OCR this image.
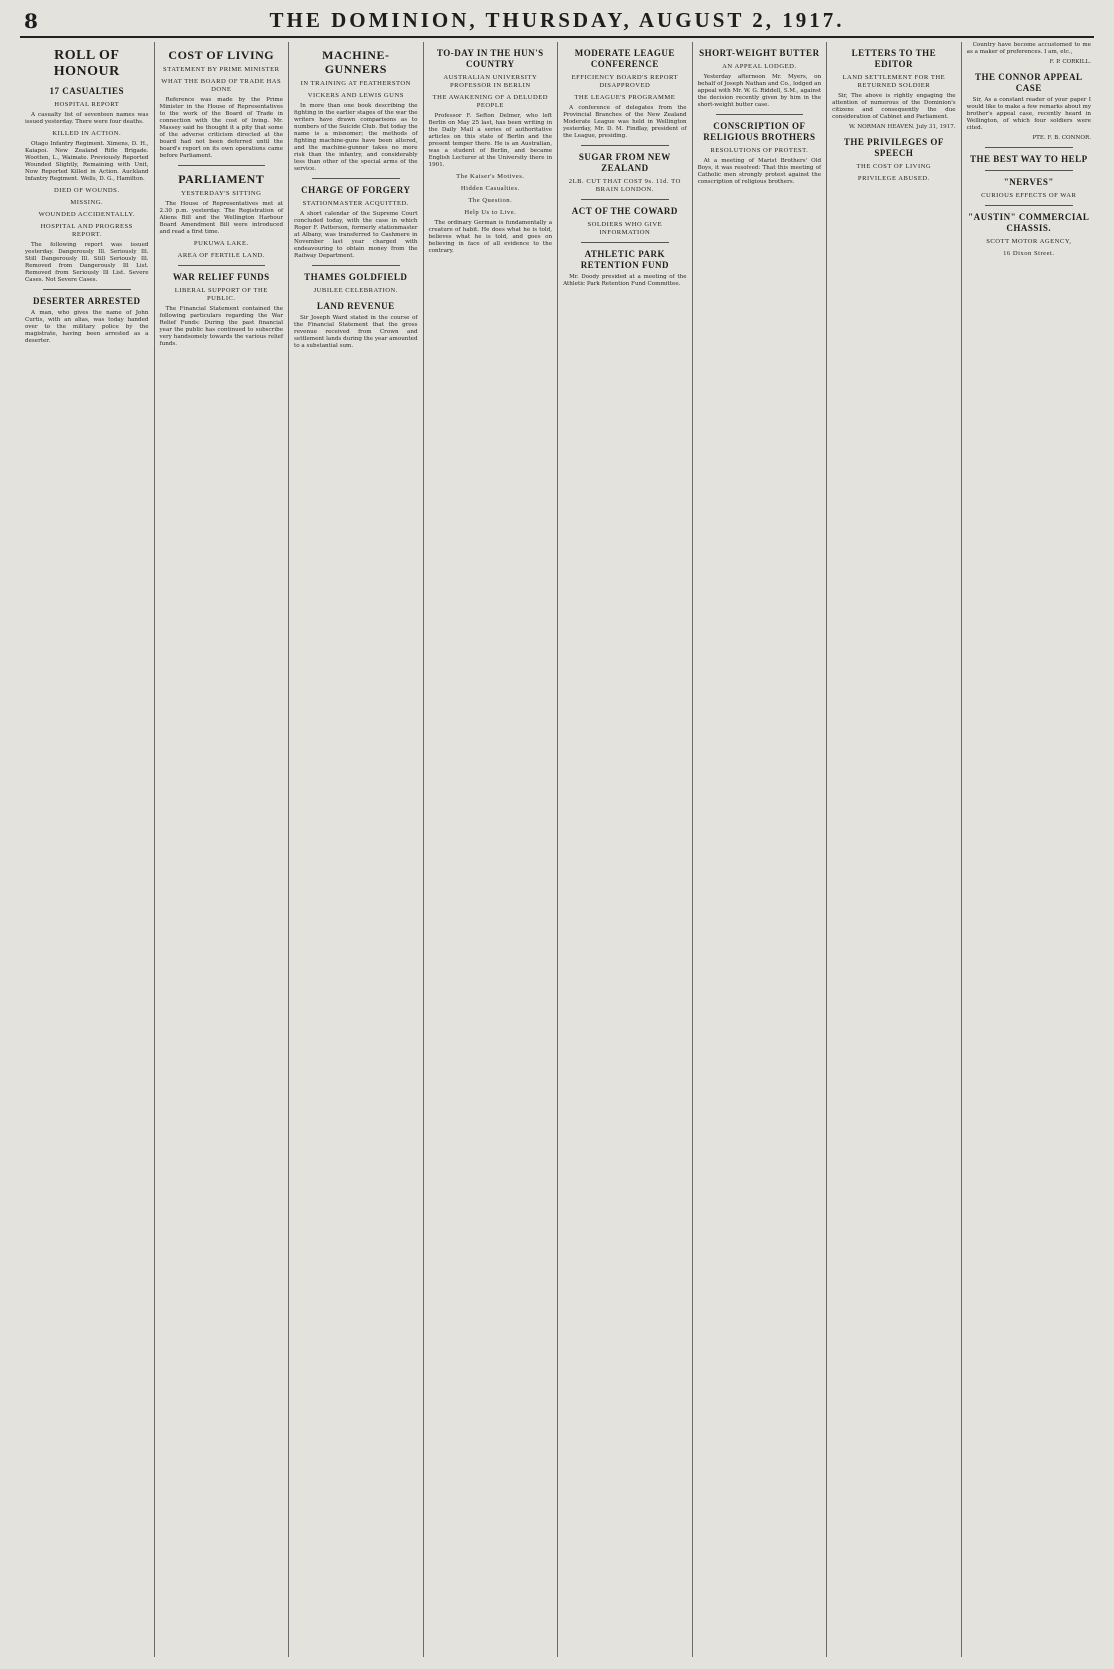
8	THE DOMINION, THURSDAY, AUGUST 2, 1917.
ROLL OF HONOUR
17 CASUALTIES
HOSPITAL REPORT

A casualty list of seventeen names was issued yesterday. There were four deaths.

KILLED IN ACTION.

Otago Infantry Regiment. Ximens, D. H., Kaiapoi. New Zealand Rifle Brigade. Wootten, L., Waimate. Previously Reported Wounded Slightly, Remaining with Unit, Now Reported Killed in Action. Auckland Infantry Regiment. Wells, D. G., Hamilton.

DIED OF WOUNDS.
MISSING.
WOUNDED ACCIDENTALLY.
HOSPITAL AND PROGRESS REPORT.

The following report was issued yesterday. Dangerously Ill. Seriously Ill. Still Dangerously Ill. Still Seriously Ill. Removed from Dangerously Ill List. Removed from Seriously Ill List. Severe Cases. Not Severe Cases.

DESERTER ARRESTED

A man, who gives the name of John Curtis, with an alias, was today handed over to the military police by the magistrate, having been arrested as a deserter.

COST OF LIVING
STATEMENT BY PRIME MINISTER
WHAT THE BOARD OF TRADE HAS DONE

Reference was made by the Prime Minister in the House of Representatives to the work of the Board of Trade in connection with the cost of living. Mr. Massey said he thought it a pity that some of the adverse criticism directed at the board had not been deferred until the board's report on its own operations came before Parliament.

PARLIAMENT
YESTERDAY'S SITTING

The House of Representatives met at 2.30 p.m. yesterday. The Registration of Aliens Bill and the Wellington Harbour Board Amendment Bill were introduced and read a first time.

PUKUWA LAKE.
AREA OF FERTILE LAND.
WAR RELIEF FUNDS
LIBERAL SUPPORT OF THE PUBLIC.

The Financial Statement contained the following particulars regarding the War Relief Funds: During the past financial year the public has continued to subscribe very handsomely towards the various relief funds.

MACHINE-GUNNERS
IN TRAINING AT FEATHERSTON
VICKERS AND LEWIS GUNS

In more than one book describing the fighting in the earlier stages of the war the writers have drawn comparisons as to numbers of the Suicide Club. But today the name is a misnomer; the methods of fighting machine-guns have been altered, and the machine-gunner takes no more risk than the infantry, and considerably less than other of the special arms of the service.

CHARGE OF FORGERY
STATIONMASTER ACQUITTED.

A short calendar of the Supreme Court concluded today, with the case in which Roger F. Patterson, formerly stationmaster at Albany, was transferred to Cashmere in November last year charged with endeavouring to obtain money from the Railway Department.

THAMES GOLDFIELD
JUBILEE CELEBRATION.
LAND REVENUE

Sir Joseph Ward stated in the course of the Financial Statement that the gross revenue received from Crown and settlement lands during the year amounted to a substantial sum.

TO-DAY IN THE HUN'S COUNTRY
AUSTRALIAN UNIVERSITY PROFESSOR IN BERLIN
THE AWAKENING OF A DELUDED PEOPLE

Professor F. Sefton Delmer, who left Berlin on May 25 last, has been writing in the Daily Mail a series of authoritative articles on this state of Berlin and the present temper there. He is an Australian, was a student of Berlin, and became English Lecturer at the University there in 1901.

The Kaiser's Motives.
Hidden Casualties.
The Question.
Help Us to Live.

The ordinary German is fundamentally a creature of habit. He does what he is told, believes what he is told, and goes on believing in face of all evidence to the contrary.

MODERATE LEAGUE CONFERENCE
EFFICIENCY BOARD'S REPORT DISAPPROVED
THE LEAGUE'S PROGRAMME

A conference of delegates from the Provincial Branches of the New Zealand Moderate League was held in Wellington yesterday, Mr. D. M. Findlay, president of the League, presiding.

SUGAR FROM NEW ZEALAND
2LB. CUT THAT COST 9s. 11d. TO BRAIN LONDON.
ACT OF THE COWARD
SOLDIERS WHO GIVE INFORMATION
ATHLETIC PARK RETENTION FUND

Mr. Doody presided at a meeting of the Athletic Park Retention Fund Committee.

SHORT-WEIGHT BUTTER
AN APPEAL LODGED.

Yesterday afternoon Mr. Myers, on behalf of Joseph Nathan and Co., lodged an appeal with Mr. W. G. Riddell, S.M., against the decision recently given by him in the short-weight butter case.

CONSCRIPTION OF RELIGIOUS BROTHERS
RESOLUTIONS OF PROTEST.

At a meeting of Marist Brothers' Old Boys, it was resolved: That this meeting of Catholic men strongly protest against the conscription of religious brothers.

LETTERS TO THE EDITOR
LAND SETTLEMENT FOR THE RETURNED SOLDIER

Sir, The above is rightly engaging the attention of numerous of the Dominion's citizens and consequently the due consideration of Cabinet and Parliament.

W. NORMAN HEAVEN. July 31, 1917.
THE PRIVILEGES OF SPEECH
THE COST OF LIVING
PRIVILEGE ABUSED.

Country have become accustomed to me as a maker of preferences. I am, etc.,

F. P. CORKILL.
THE CONNOR APPEAL CASE

Sir, As a constant reader of your paper I would like to make a few remarks about my brother's appeal case, recently heard in Wellington, of which four soldiers were cited.

PTE. F. B. CONNOR.
THE BEST WAY TO HELP
"NERVES"
CURIOUS EFFECTS OF WAR
"AUSTIN" COMMERCIAL CHASSIS.
SCOTT MOTOR AGENCY,
16 Dixon Street.
